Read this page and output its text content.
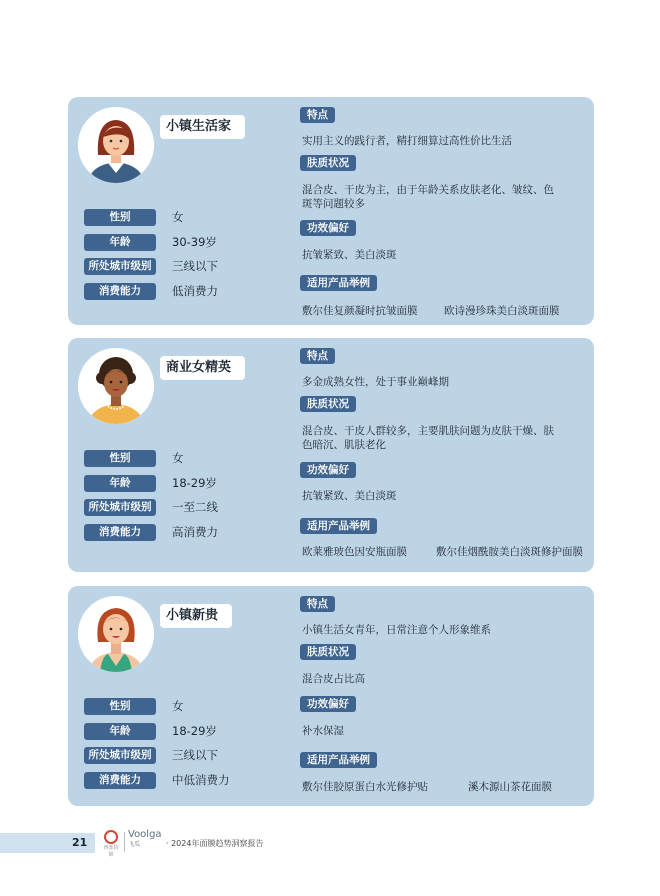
小镇生活家
性别	女
年龄	30-39岁
所处城市级别	三线以下
消费能力	低消费力
特点
实用主义的践行者，精打细算过高性价比生活
肤质状况
混合皮、干皮为主，由于年龄关系皮肤老化、皱纹、色斑等问题较多
功效偏好
抗皱紧致、美白淡斑
适用产品举例
敷尔佳复颜凝时抗皱面膜	欧诗漫珍珠美白淡斑面膜
商业女精英
性别	女
年龄	18-29岁
所处城市级别	一至二线
消费能力	高消费力
特点
多金成熟女性，处于事业巅峰期
肤质状况
混合皮、干皮人群较多，主要肌肤问题为皮肤干燥、肤色暗沉、肌肤老化
功效偏好
抗皱紧致、美白淡斑
适用产品举例
欧莱雅玻色因安瓶面膜	敷尔佳烟酰胺美白淡斑修护面膜
小镇新贵
性别	女
年龄	18-29岁
所处城市级别	三线以下
消费能力	中低消费力
特点
小镇生活女青年，日常注意个人形象维系
肤质状况
混合皮占比高
功效偏好
补水保湿
适用产品举例
敷尔佳胶原蛋白水光修护贴	溪木源山茶花面膜
21	西部钩锦
Voolga
飞瓜	· 2024年面膜趋势洞察报告
